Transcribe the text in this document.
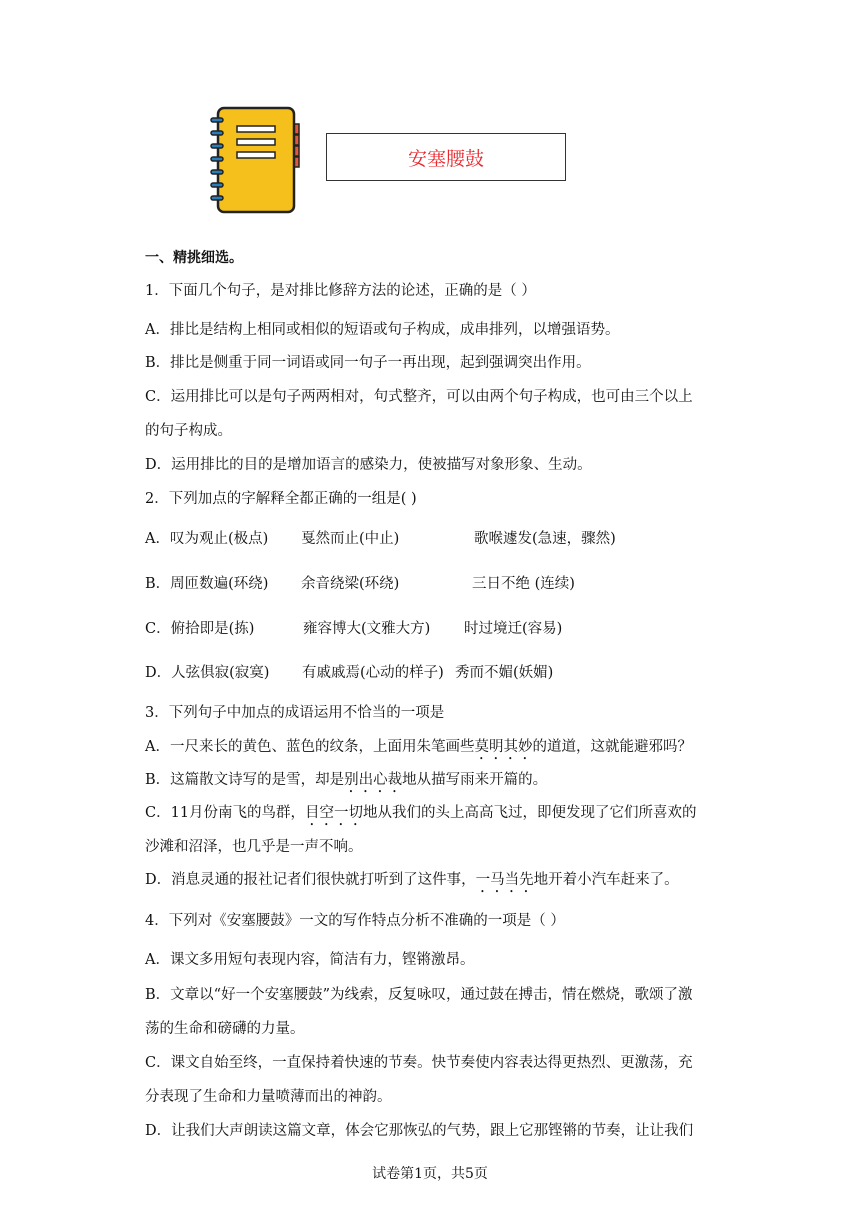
安塞腰鼓
一、精挑细选。
1．下面几个句子，是对排比修辞方法的论述，正确的是（ ）
A．排比是结构上相同或相似的短语或句子构成，成串排列，以增强语势。
B．排比是侧重于同一词语或同一句子一再出现，起到强调突出作用。
C．运用排比可以是句子两两相对，句式整齐，可以由两个句子构成，也可由三个以上
的句子构成。
D．运用排比的目的是增加语言的感染力，使被描写对象形象、生动。
2．下列加点的字解释全都正确的一组是( )
A．叹为观止(极点) 戛然而止(中止)	歌喉遽发(急速，骤然)
B．周匝数遍(环绕) 余音绕梁(环绕)	三日不绝 (连续)
C．俯拾即是(拣)	雍容博大(文雅大方) 时过境迁(容易)
D．人弦俱寂(寂寞) 有戚戚焉(心动的样子) 秀而不媚(妖媚)
3．下列句子中加点的成语运用不恰当的一项是
A．一尺来长的黄色、蓝色的纹条，上面用朱笔画些莫明其妙的道道，这就能避邪吗？
B．这篇散文诗写的是雪，却是别出心裁地从描写雨来开篇的。
C．11月份南飞的鸟群，目空一切地从我们的头上高高飞过，即便发现了它们所喜欢的
沙滩和沼泽，也几乎是一声不响。
D．消息灵通的报社记者们很快就打听到了这件事，一马当先地开着小汽车赶来了。
4．下列对《安塞腰鼓》一文的写作特点分析不准确的一项是（ ）
A．课文多用短句表现内容，简洁有力，铿锵激昂。
B．文章以“好一个安塞腰鼓”为线索，反复咏叹，通过鼓在搏击，情在燃烧，歌颂了激
荡的生命和磅礴的力量。
C．课文自始至终，一直保持着快速的节奏。快节奏使内容表达得更热烈、更激荡，充
分表现了生命和力量喷薄而出的神韵。
D．让我们大声朗读这篇文章，体会它那恢弘的气势，跟上它那铿锵的节奏，让让我们
试卷第1页，共5页
